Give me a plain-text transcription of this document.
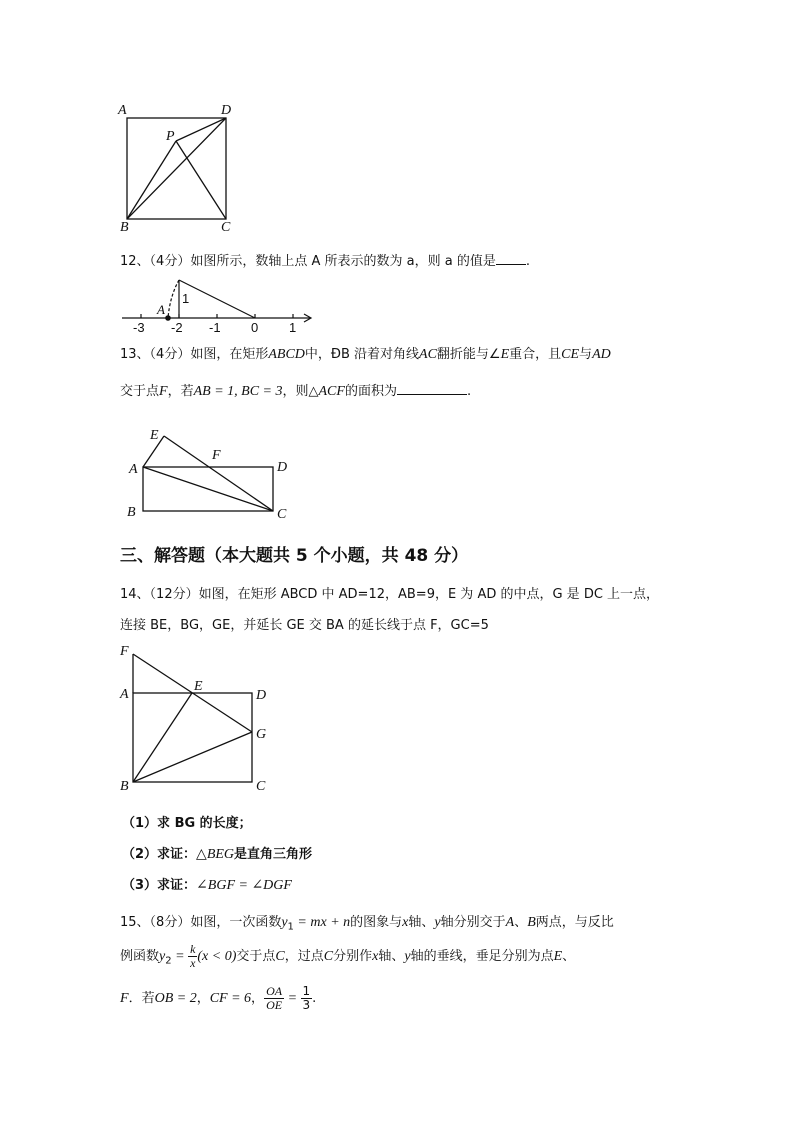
A	D
P
B	C
12、（4分）如图所示，数轴上点 A 所表示的数为 a，则 a 的值是 .
A
1
-3 -2 -1 0 1
13、（4分）如图，在矩形ABCD中，ÐB 沿着对角线AC翻折能与∠E重合，且CE与AD
交于点F，若AB = 1, BC = 3，则△ACF的面积为	.
E
F
A	D
B	C
三、解答题（本大题共 5 个小题，共 48 分）
14、（12分）如图，在矩形 ABCD 中 AD=12，AB=9，E 为 AD 的中点，G 是 DC 上一点，
连接 BE，BG，GE，并延长 GE 交 BA 的延长线于点 F，GC=5
F
A
E
D
G
B	C
（1）求 BG 的长度；
（2）求证：△BEG是直角三角形
（3）求证：∠BGF = ∠DGF
15、（8分）如图，一次函数$y_1$ = mx + n的图象与x轴、y轴分别交于A、B两点，与反比
例函数$y_2 = \frac{k}{x} (x < 0)$交于点C，过点C分别作x轴、y轴的垂线，垂足分别为点E、
F．若OB = 2，CF = 6， $\frac{OA}{OE} = \frac{1}{3}$ .
